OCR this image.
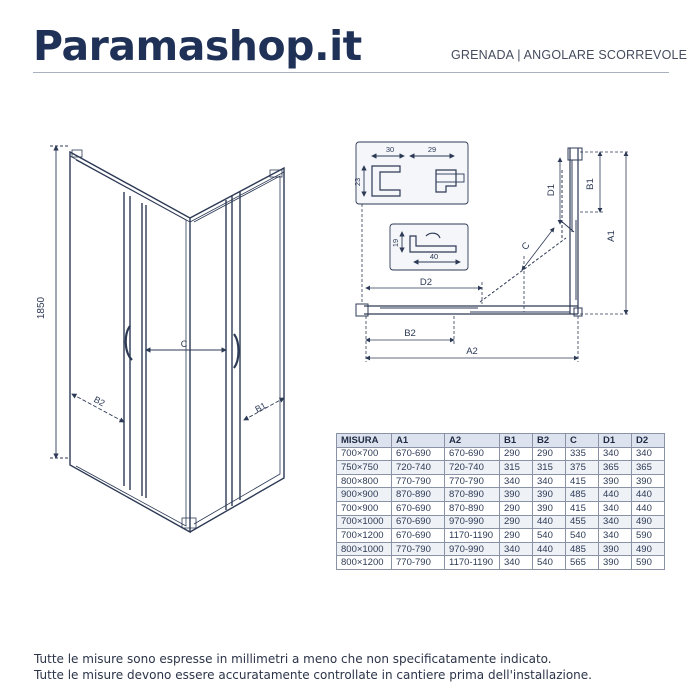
Paramashop.it	GRENADA | ANGOLARE SCORREVOLE
1850
C
B2	B1
A1
B1
D1
C
D2
B2
A2
30	29
23
19
40
MISURA	A1	A2	B1	B2	C	D1	D2
700×700	670-690	670-690	290	290	335	340	340
750×750	720-740	720-740	315	315	375	365	365
800×800	770-790	770-790	340	340	415	390	390
900×900	870-890	870-890	390	390	485	440	440
700×900	670-690	870-890	290	390	415	340	440
700×1000	670-690	970-990	290	440	455	340	490
700×1200	670-690	1170-1190	290	540	540	340	590
800×1000	770-790	970-990	340	440	485	390	490
800×1200	770-790	1170-1190	340	540	565	390	590
Tutte le misure sono espresse in millimetri a meno che non specificatamente indicato.
Tutte le misure devono essere accuratamente controllate in cantiere prima dell'installazione.
